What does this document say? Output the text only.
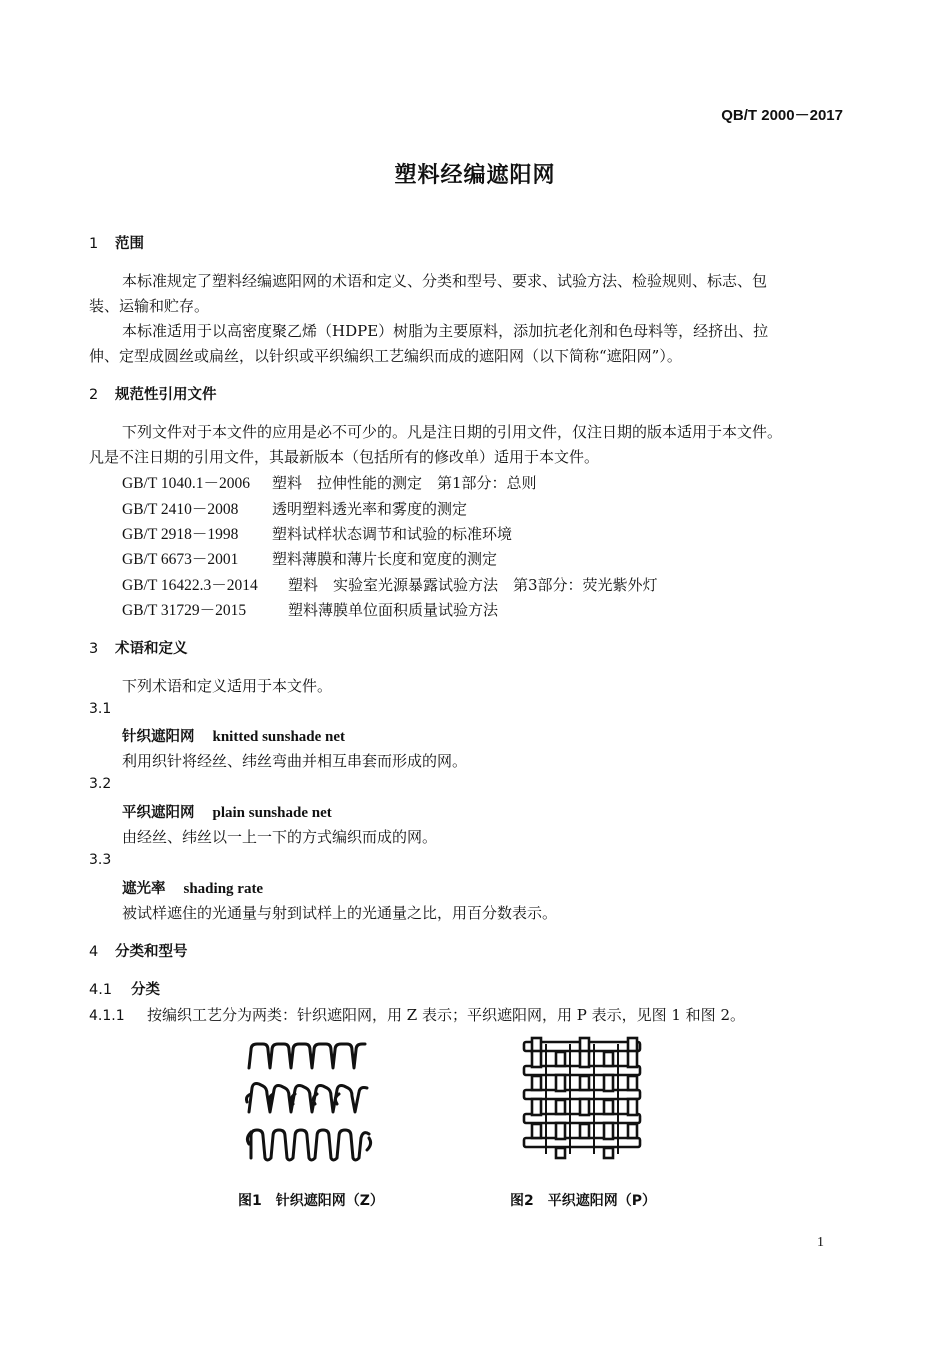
QB/T 2000－2017
塑料经编遮阳网
1 范围
本标准规定了塑料经编遮阳网的术语和定义、分类和型号、要求、试验方法、检验规则、标志、包
装、运输和贮存。
本标准适用于以高密度聚乙烯（HDPE）树脂为主要原料，添加抗老化剂和色母料等，经挤出、拉
伸、定型成圆丝或扁丝，以针织或平织编织工艺编织而成的遮阳网（以下简称“遮阳网”）。
2 规范性引用文件
下列文件对于本文件的应用是必不可少的。凡是注日期的引用文件，仅注日期的版本适用于本文件。
凡是不注日期的引用文件，其最新版本（包括所有的修改单）适用于本文件。
GB/T 1040.1－2006 塑料　拉伸性能的测定　第1部分：总则
GB/T 2410－2008 透明塑料透光率和雾度的测定
GB/T 2918－1998 塑料试样状态调节和试验的标准环境
GB/T 6673－2001 塑料薄膜和薄片长度和宽度的测定
GB/T 16422.3－2014 塑料　实验室光源暴露试验方法　第3部分：荧光紫外灯
GB/T 31729－2015	塑料薄膜单位面积质量试验方法
3 术语和定义
下列术语和定义适用于本文件。
3.1
针织遮阳网 knitted sunshade net
利用织针将经丝、纬丝弯曲并相互串套而形成的网。
3.2
平织遮阳网 plain sunshade net
由经丝、纬丝以一上一下的方式编织而成的网。
3.3
遮光率 shading rate
被试样遮住的光通量与射到试样上的光通量之比，用百分数表示。
4 分类和型号
4.1 分类
4.1.1 按编织工艺分为两类：针织遮阳网，用 Z 表示；平织遮阳网，用 P 表示，见图 1 和图 2。
图1　针织遮阳网（Z）	图2　平织遮阳网（P）
1
